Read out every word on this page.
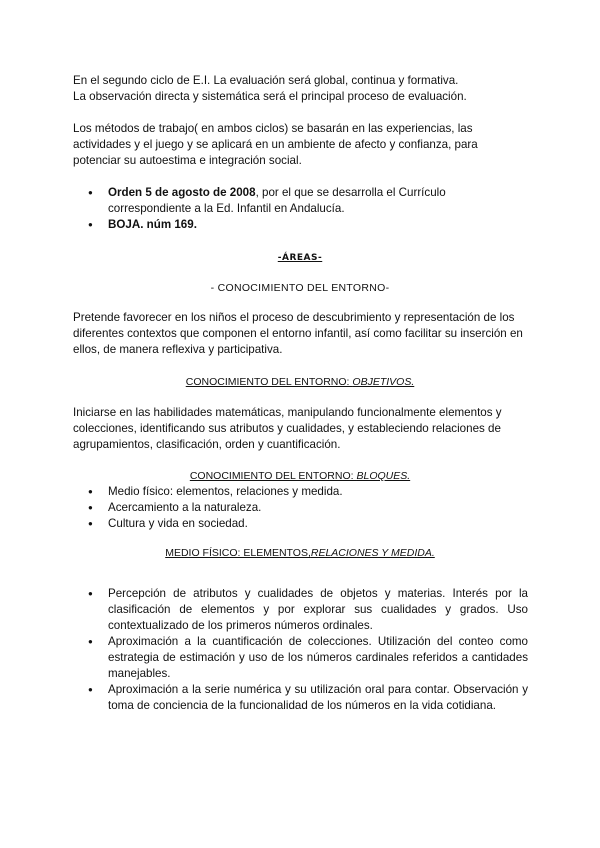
En el segundo ciclo de E.I. La evaluación será global, continua y formativa.
La observación directa y sistemática será el principal proceso de evaluación.

Los métodos de trabajo( en ambos ciclos) se basarán en las experiencias, las actividades y el juego y se aplicará en un ambiente de afecto y confianza, para potenciar su autoestima e integración social.

● Orden 5 de agosto de 2008, por el que se desarrolla el Currículo correspondiente a la Ed. Infantil en Andalucía.
● BOJA. núm 169.

-ÁREAS-

- CONOCIMIENTO DEL ENTORNO-

Pretende favorecer en los niños el proceso de descubrimiento y representación de los diferentes contextos que componen el entorno infantil, así como facilitar su inserción en ellos, de manera reflexiva y participativa.

CONOCIMIENTO DEL ENTORNO: OBJETIVOS.

Iniciarse en las habilidades matemáticas, manipulando funcionalmente elementos y colecciones, identificando sus atributos y cualidades, y estableciendo relaciones de agrupamientos, clasificación, orden y cuantificación.

CONOCIMIENTO DEL ENTORNO: BLOQUES.

● Medio físico: elementos, relaciones y medida.
● Acercamiento a la naturaleza.
● Cultura y vida en sociedad.

MEDIO FÍSICO: ELEMENTOS,RELACIONES Y MEDIDA.

● Percepción de atributos y cualidades de objetos y materias. Interés por la clasificación de elementos y por explorar sus cualidades y grados. Uso contextualizado de los primeros números ordinales.
● Aproximación a la cuantificación de colecciones. Utilización del conteo como estrategia de estimación y uso de los números cardinales referidos a cantidades manejables.
● Aproximación a la serie numérica y su utilización oral para contar. Observación y toma de conciencia de la funcionalidad de los números en la vida cotidiana.
